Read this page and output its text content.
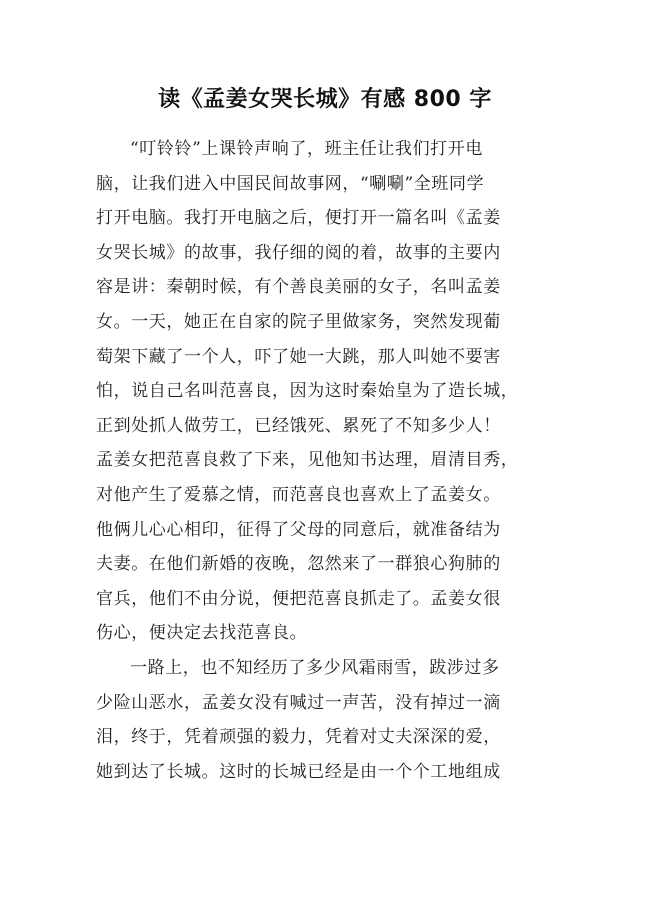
读《孟姜女哭长城》有感 800 字
“叮铃铃”上课铃声响了，班主任让我们打开电
脑，让我们进入中国民间故事网，“唰唰”全班同学
打开电脑。我打开电脑之后，便打开一篇名叫《孟姜
女哭长城》的故事，我仔细的阅的着，故事的主要内
容是讲：秦朝时候，有个善良美丽的女子，名叫孟姜
女。一天，她正在自家的院子里做家务，突然发现葡
萄架下藏了一个人，吓了她一大跳，那人叫她不要害
怕，说自己名叫范喜良，因为这时秦始皇为了造长城，
正到处抓人做劳工，已经饿死、累死了不知多少人！
孟姜女把范喜良救了下来，见他知书达理，眉清目秀，
对他产生了爱慕之情，而范喜良也喜欢上了孟姜女。
他俩儿心心相印，征得了父母的同意后，就准备结为
夫妻。在他们新婚的夜晚，忽然来了一群狼心狗肺的
官兵，他们不由分说，便把范喜良抓走了。孟姜女很
伤心，便决定去找范喜良。
一路上，也不知经历了多少风霜雨雪，跋涉过多
少险山恶水，孟姜女没有喊过一声苦，没有掉过一滴
泪，终于，凭着顽强的毅力，凭着对丈夫深深的爱，
她到达了长城。这时的长城已经是由一个个工地组成
